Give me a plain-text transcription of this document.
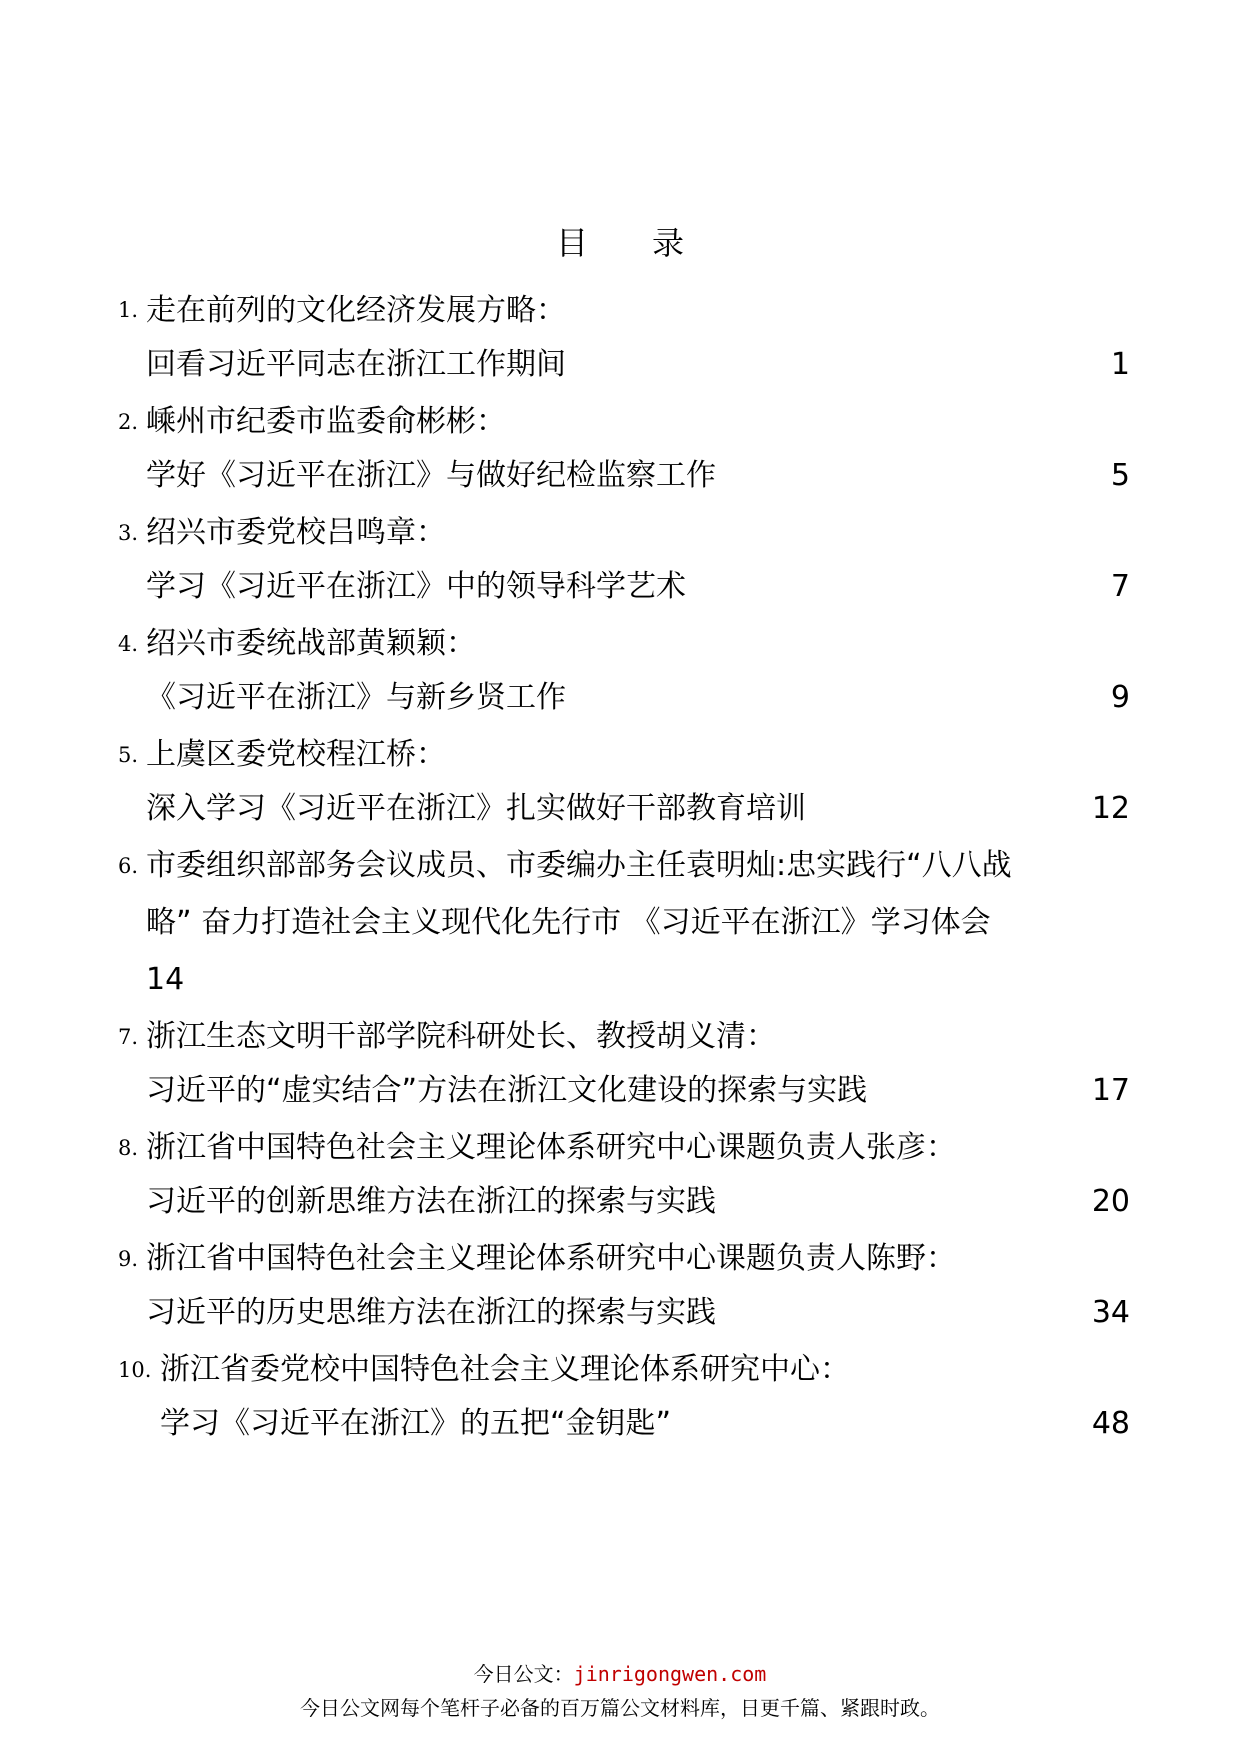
目　　录
1. 走在前列的文化经济发展方略：
回看习近平同志在浙江工作期间	1
2. 嵊州市纪委市监委俞彬彬：
学好《习近平在浙江》与做好纪检监察工作	5
3. 绍兴市委党校吕鸣章：
学习《习近平在浙江》中的领导科学艺术	7
4. 绍兴市委统战部黄颖颖：
《习近平在浙江》与新乡贤工作	9
5. 上虞区委党校程江桥：
深入学习《习近平在浙江》扎实做好干部教育培训	12
6. 市委组织部部务会议成员、市委编办主任袁明灿:忠实践行“八八战
略” 奋力打造社会主义现代化先行市 《习近平在浙江》学习体会
14
7. 浙江生态文明干部学院科研处长、教授胡义清：
习近平的“虚实结合”方法在浙江文化建设的探索与实践	17
8. 浙江省中国特色社会主义理论体系研究中心课题负责人张彦：
习近平的创新思维方法在浙江的探索与实践	20
9. 浙江省中国特色社会主义理论体系研究中心课题负责人陈野：
习近平的历史思维方法在浙江的探索与实践	34
10. 浙江省委党校中国特色社会主义理论体系研究中心：
学习《习近平在浙江》的五把“金钥匙”	48
今日公文：jinrigongwen.com
今日公文网每个笔杆子必备的百万篇公文材料库，日更千篇、紧跟时政。
